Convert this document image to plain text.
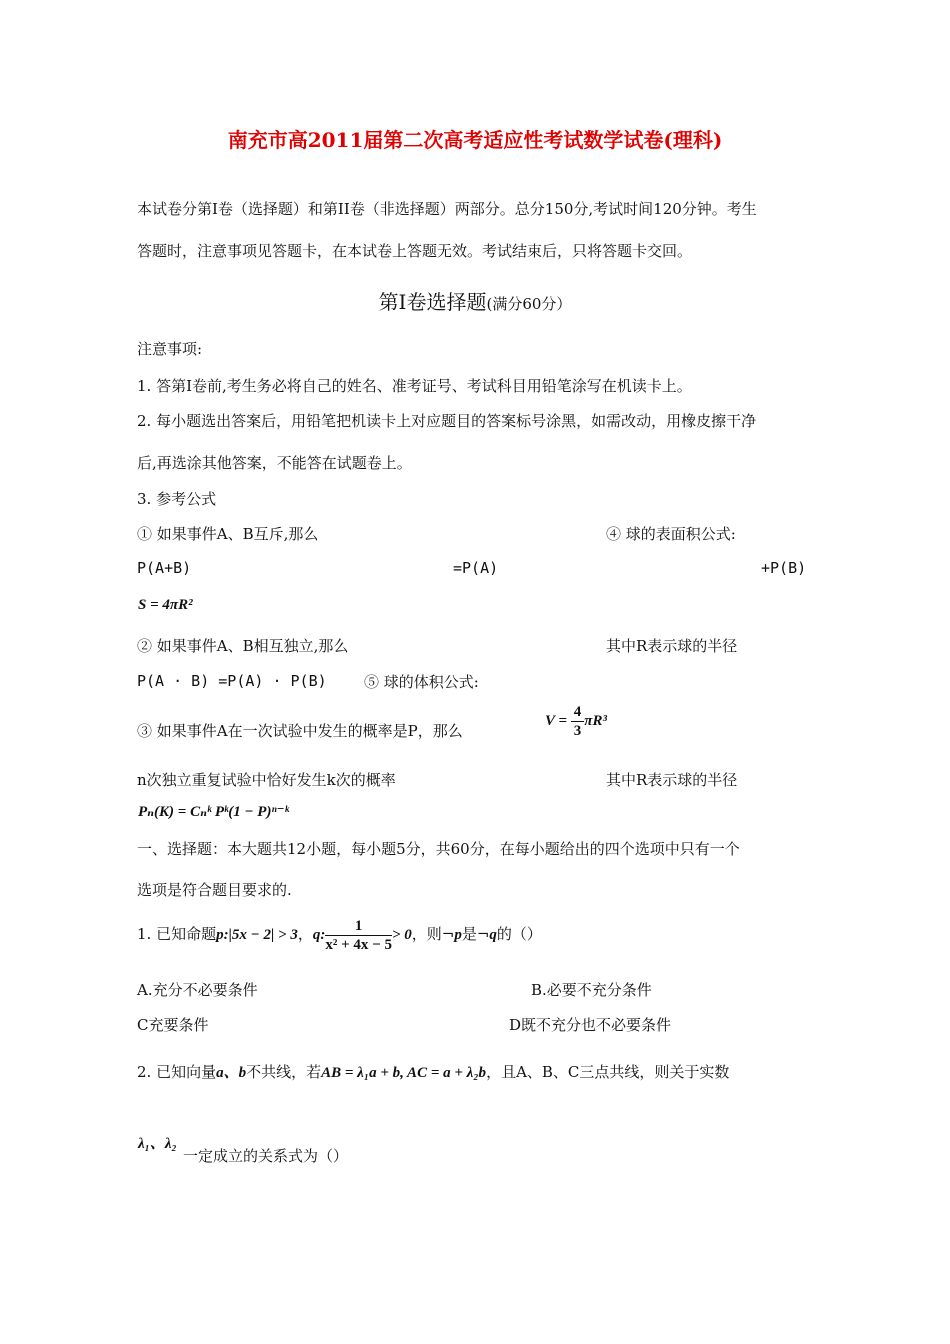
南充市高2011届第二次高考适应性考试数学试卷(理科)
本试卷分第Ⅰ卷（选择题）和第II卷（非选择题）两部分。总分150分,考试时间120分钟。考生
答题时，注意事项见答题卡，在本试卷上答题无效。考试结束后，只将答题卡交回。
第Ⅰ卷选择题(满分60分）
注意事项:
1. 答第Ⅰ卷前,考生务必将自己的姓名、准考证号、考试科目用铅笔涂写在机读卡上。
2. 每小题选出答案后，用铅笔把机读卡上对应题目的答案标号涂黑，如需改动，用橡皮擦干净
后,再选涂其他答案，不能答在试题卷上。
3. 参考公式
① 如果事件A、B互斥,那么	④ 球的表面积公式:
P(A+B)	=P(A)	+P(B)
S = 4πR²
② 如果事件A、B相互独立,那么	其中R表示球的半径
P(A · B) =P(A) · P(B) ⑤ 球的体积公式:
③ 如果事件A在一次试验中发生的概率是P，那么
$V = \frac{4}{3} \pi R^3$
n次独立重复试验中恰好发生k次的概率	其中R表示球的半径
Pₙ(K) = Cₙᵏ Pᵏ(1 − P)ⁿ⁻ᵏ
一、选择题：本大题共12小题，每小题5分，共60分，在每小题给出的四个选项中只有一个
选项是符合题目要求的.
1. 已知命题p:|5x − 2| > 3，q: $\frac{1}{\text{x² + 4x − 5}} > 0$，则¬p是¬q的（）
A.充分不必要条件	B.必要不充分条件
C充要条件	D既不充分也不必要条件
2. 已知向量a、b不共线，若AB = λ₁a + b, AC = a + λ₂b，且A、B、C三点共线，则关于实数
λ₁、λ₂
一定成立的关系式为（）
